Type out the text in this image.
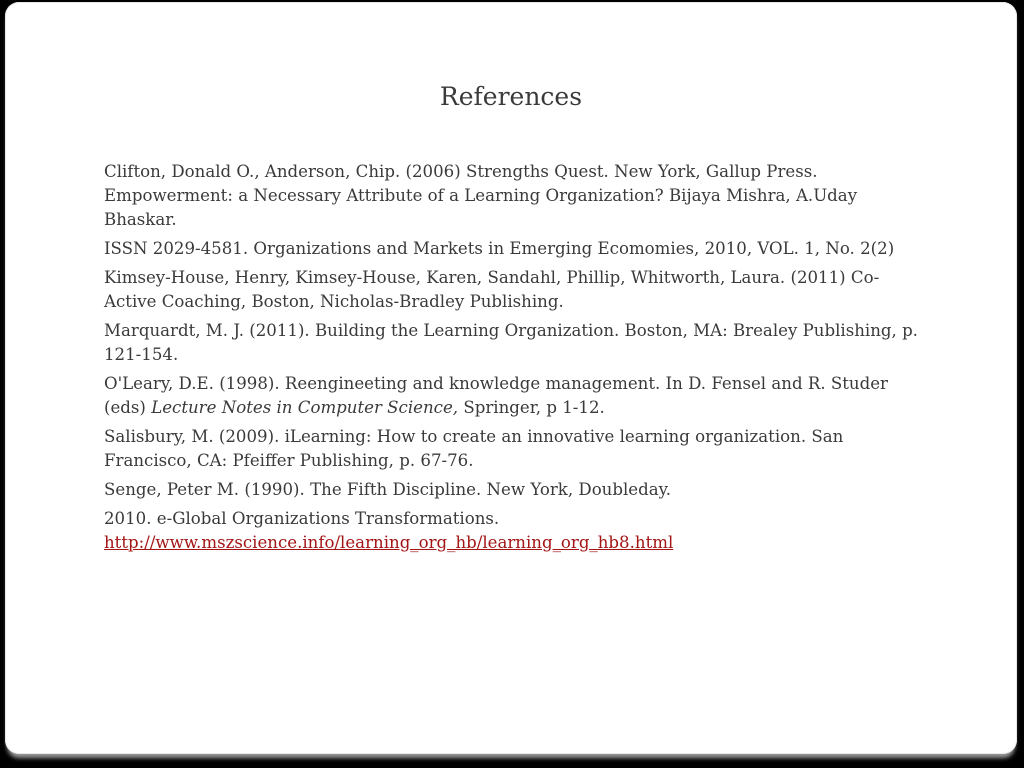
References

Clifton, Donald O., Anderson, Chip. (2006) Strengths Quest. New York, Gallup Press.
Empowerment: a Necessary Attribute of a Learning Organization? Bijaya Mishra, A.Uday Bhaskar.

ISSN 2029-4581. Organizations and Markets in Emerging Ecomomies, 2010, VOL. 1, No. 2(2)

Kimsey-House, Henry, Kimsey-House, Karen, Sandahl, Phillip, Whitworth, Laura. (2011) Co-Active Coaching, Boston, Nicholas-Bradley Publishing.

Marquardt, M. J. (2011). Building the Learning Organization. Boston, MA: Brealey Publishing, p. 121-154.

O'Leary, D.E. (1998). Reengineeting and knowledge management. In D. Fensel and R. Studer (eds) Lecture Notes in Computer Science, Springer, p 1-12.

Salisbury, M. (2009). iLearning: How to create an innovative learning organization. San Francisco, CA: Pfeiffer Publishing, p. 67-76.

Senge, Peter M. (1990). The Fifth Discipline. New York, Doubleday.

2010. e-Global Organizations Transformations.
http://www.mszscience.info/learning_org_hb/learning_org_hb8.html
